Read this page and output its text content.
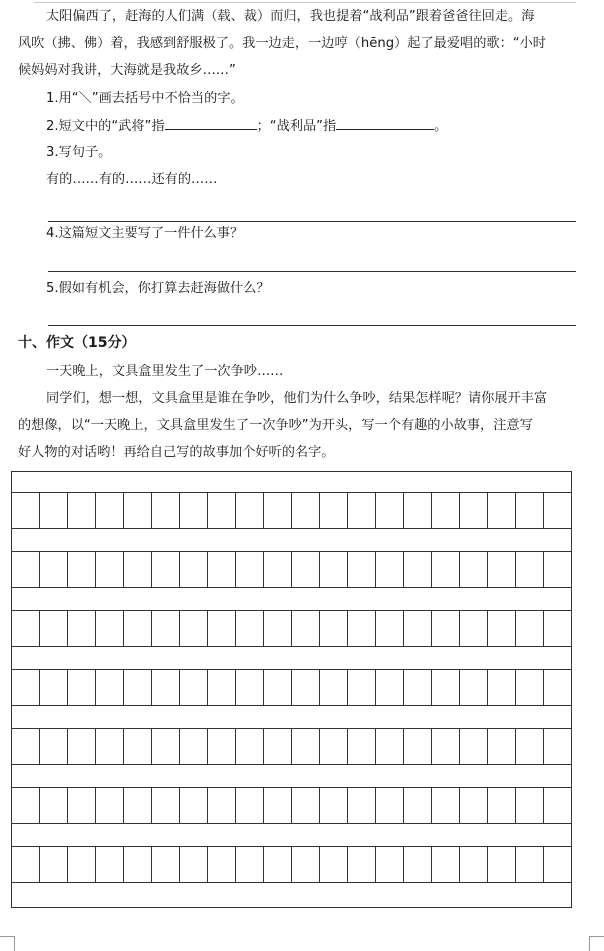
太阳偏西了，赶海的人们满（载、裁）而归，我也提着“战利品”跟着爸爸往回走。海
风吹（拂、佛）着，我感到舒服极了。我一边走，一边哼（hēng）起了最爱唱的歌：“小时
候妈妈对我讲，大海就是我故乡……”
1.用“＼”画去括号中不恰当的字。
2.短文中的“武将”指	；“战利品”指	。
3.写句子。
有的……有的……还有的……
4.这篇短文主要写了一件什么事？
5.假如有机会，你打算去赶海做什么？
十、作文（15分）
一天晚上，文具盒里发生了一次争吵……
同学们，想一想，文具盒里是谁在争吵，他们为什么争吵，结果怎样呢？请你展开丰富
的想像，以“一天晚上，文具盒里发生了一次争吵”为开头，写一个有趣的小故事，注意写
好人物的对话哟！再给自己写的故事加个好听的名字。
